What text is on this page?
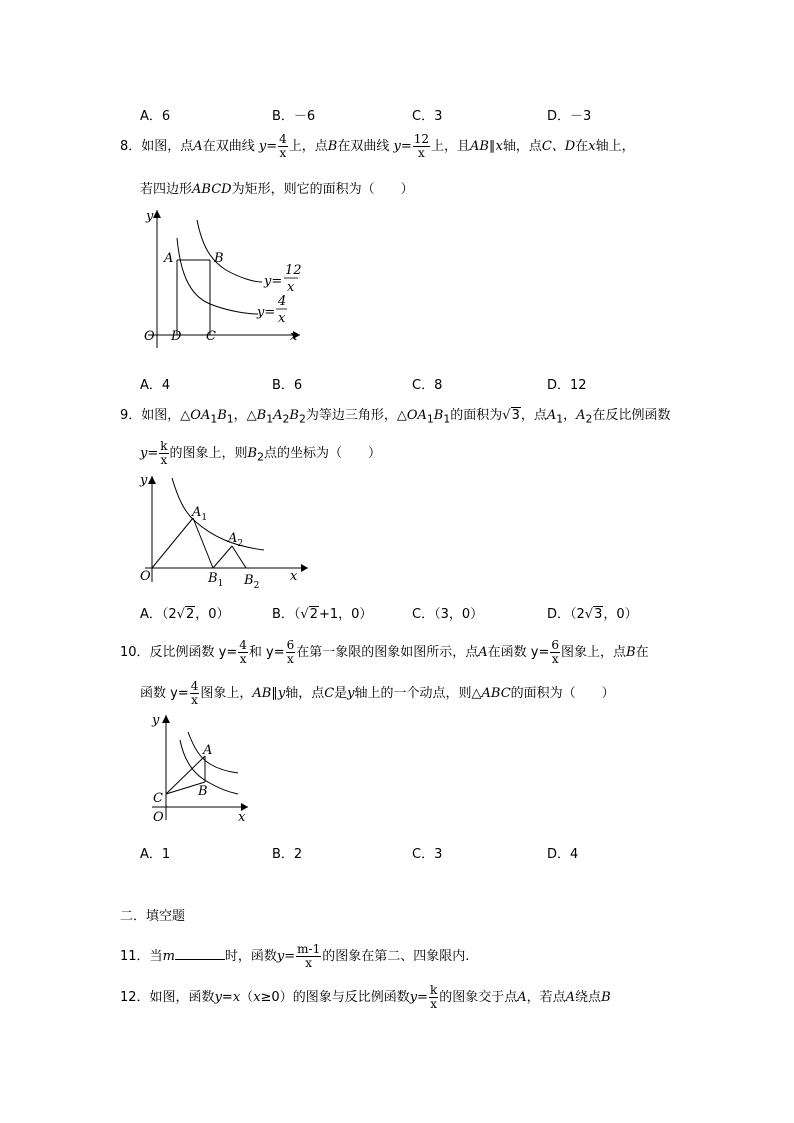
A．6	B．－6	C．3	D．－3
8．如图，点A在双曲线 $y= \frac{4}{x}$ 上，点B在双曲线 $y= \frac{12}{x}$ 上，且AB∥x轴，点C、D在x轴上，
若四边形ABCD为矩形，则它的面积为（　　）
y
x
O
A	B
D C
y=
12
x
y=
4
x
A．4	B．6	C．8	D．12
9．如图，$\triangle OA_1B_1$，$\triangle B_1A_2B_2$为等边三角形，$\triangle OA_1B_1$的面积为√3，点$A_1$，$A_2$在反比例函数
$y= \frac{k}{x}$ 的图象上，则$B_2$点的坐标为（　　）
y
x
O
$A_1$
$A_2$
$B_1$ $B_2$
A．（2√2，0）	B．（√2+1，0）	C．（3，0）	D．（2√3，0）
10．反比例函数 $y= \frac{4}{x}$ 和 $y= \frac{6}{x}$ 在第一象限的图象如图所示，点A在函数 $y= \frac{6}{x}$ 图象上，点B在
函数 $y= \frac{4}{x}$ 图象上，AB∥y轴，点C是y轴上的一个动点，则△ABC的面积为（　　）
y
x
O
C
A
B
A．1	B．2	C．3	D．4
二．填空题
11．当m	时，函数$y= \frac{m-1}{x}$ 的图象在第二、四象限内.
12．如图，函数y=x（x≥0）的图象与反比例函数$y= \frac{k}{x}$ 的图象交于点A，若点A绕点B
